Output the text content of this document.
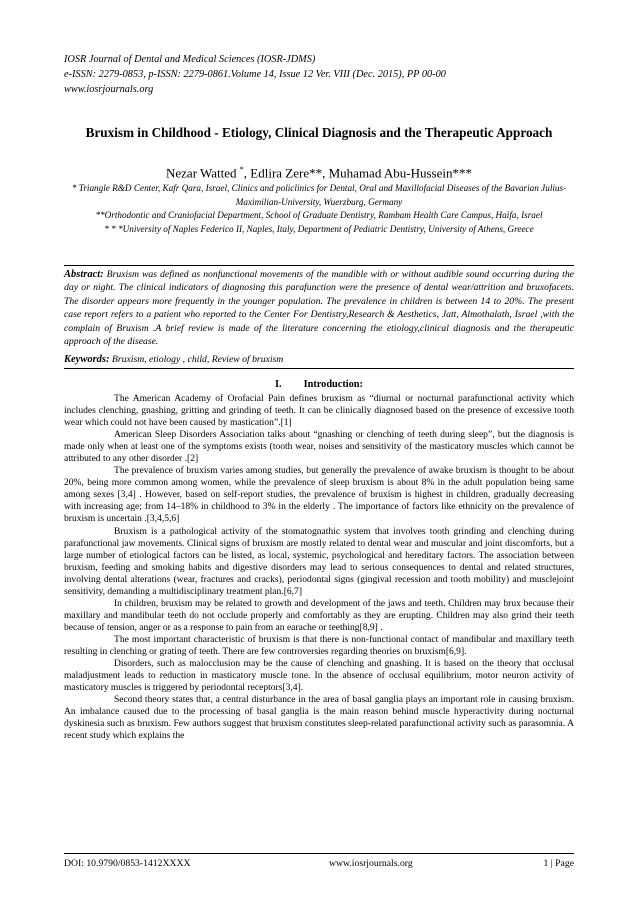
IOSR Journal of Dental and Medical Sciences (IOSR-JDMS)
e-ISSN: 2279-0853, p-ISSN: 2279-0861.Volume 14, Issue 12 Ver. VIII (Dec. 2015), PP 00-00
www.iosrjournals.org
Bruxism in Childhood - Etiology, Clinical Diagnosis and the Therapeutic Approach
Nezar Watted *, Edlira Zere**, Muhamad Abu-Hussein***
* Triangle R&D Center, Kafr Qara, Israel, Clinics and policlinics for Dental, Oral and Maxillofacial Diseases of the Bavarian Julius-Maximilian-University, Wuerzburg, Germany
**Orthodontic and Craniofacial Department, School of Graduate Dentistry, Rambam Health Care Campus, Haifa, Israel
* * *University of Naples Federico II, Naples, Italy, Department of Pediatric Dentistry, University of Athens, Greece
Abstract: Bruxism was defined as nonfunctional movements of the mandible with or without audible sound occurring during the day or night. The clinical indicators of diagnosing this parafunction were the presence of dental wear/attrition and bruxofacets. The disorder appears more frequently in the younger population. The prevalence in children is between 14 to 20%. The present case report refers to a patient who reported to the Center For Dentistry,Research & Aesthetics, Jatt, Almothalath, Israel ,with the complain of Bruxism .A brief review is made of the literature concerning the etiology,clinical diagnosis and the therapeutic approach of the disease.
Keywords: Bruxism, etiology , child, Review of bruxism
I. Introduction:

The American Academy of Orofacial Pain defines bruxism as “diurnal or nocturnal parafunctional activity which includes clenching, gnashing, gritting and grinding of teeth. It can be clinically diagnosed based on the presence of excessive tooth wear which could not have been caused by mastication”.[1]

American Sleep Disorders Association talks about “gnashing or clenching of teeth during sleep”, but the diagnosis is made only when at least one of the symptoms exists (tooth wear, noises and sensitivity of the masticatory muscles which cannot be attributed to any other disorder .[2]

The prevalence of bruxism varies among studies, but generally the prevalence of awake bruxism is thought to be about 20%, being more common among women, while the prevalence of sleep bruxism is about 8% in the adult population being same among sexes [3,4] . However, based on self-report studies, the prevalence of bruxism is highest in children, gradually decreasing with increasing age; from 14–18% in childhood to 3% in the elderly . The importance of factors like ethnicity on the prevalence of bruxism is uncertain .[3,4,5,6]

Bruxism is a pathological activity of the stomatognathic system that involves tooth grinding and clenching during parafunctional jaw movements. Clinical signs of bruxism are mostly related to dental wear and muscular and joint discomforts, but a large number of etiological factors can be listed, as local, systemic, psychological and hereditary factors. The association between bruxism, feeding and smoking habits and digestive disorders may lead to serious consequences to dental and related structures, involving dental alterations (wear, fractures and cracks), periodontal signs (gingival recession and tooth mobility) and musclejoint sensitivity, demanding a multidisciplinary treatment plan.[6,7]

In children, bruxism may be related to growth and development of the jaws and teeth. Children may brux because their maxillary and mandibular teeth do not occlude properly and comfortably as they are erupting. Children may also grind their teeth because of tension, anger or as a response to pain from an earache or teething[8,9] .

The most important characteristic of bruxism is that there is non-functional contact of mandibular and maxillary teeth resulting in clenching or grating of teeth. There are few controversies regarding theories on bruxism[6,9].

Disorders, such as malocclusion may be the cause of clenching and gnashing. It is based on the theory that occlusal maladjustment leads to reduction in masticatory muscle tone. In the absence of occlusal equilibrium, motor neuron activity of masticatory muscles is triggered by periodontal receptors[3,4].

Second theory states that, a central disturbance in the area of basal ganglia plays an important role in causing bruxism. An imbalance caused due to the processing of basal ganglia is the main reason behind muscle hyperactivity during nocturnal dyskinesia such as bruxism. Few authors suggest that bruxism constitutes sleep-related parafunctional activity such as parasomnia. A recent study which explains the

DOI: 10.9790/0853-1412XXXX	www.iosrjournals.org	1 | Page
